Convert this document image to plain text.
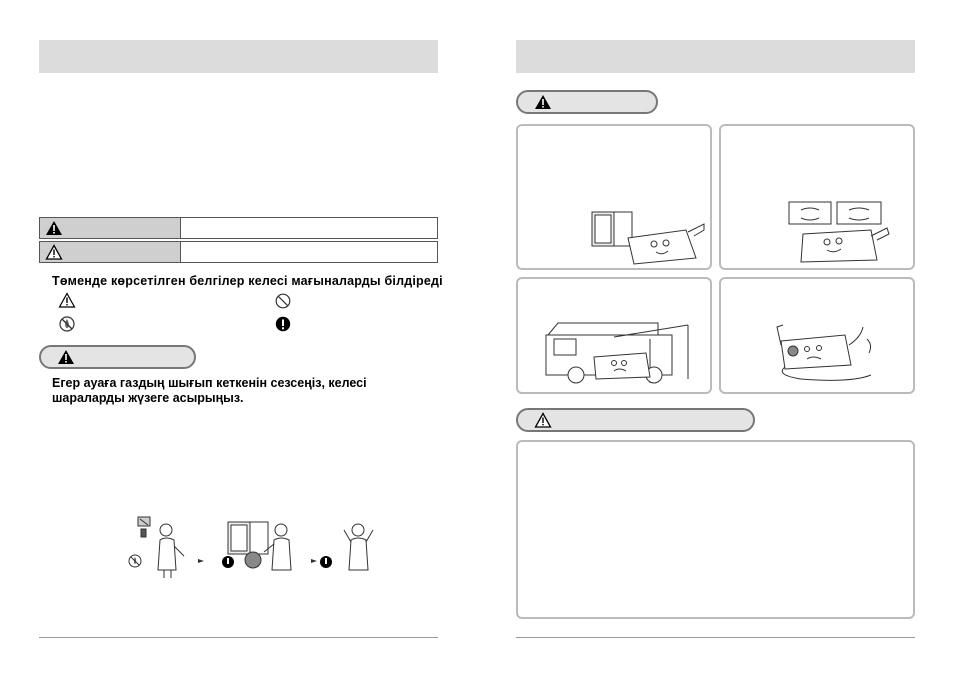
Төменде көрсетілген белгілер келесі мағыналарды білдіреді
Егер ауаға газдың шығып кеткенін сезсеңіз, келесі
шараларды жүзеге асырыңыз.
